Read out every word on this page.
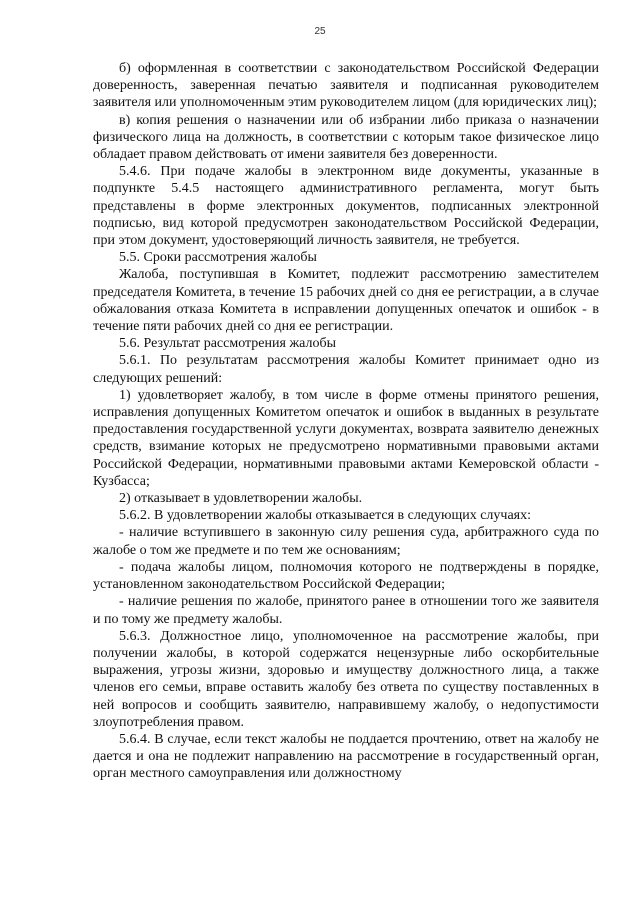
25

б) оформленная в соответствии с законодательством Российской Федерации доверенность, заверенная печатью заявителя и подписанная руководителем заявителя или уполномоченным этим руководителем лицом (для юридических лиц);

в) копия решения о назначении или об избрании либо приказа о назначении физического лица на должность, в соответствии с которым такое физическое лицо обладает правом действовать от имени заявителя без доверенности.

5.4.6. При подаче жалобы в электронном виде документы, указанные в подпункте 5.4.5 настоящего административного регламента, могут быть представлены в форме электронных документов, подписанных электронной подписью, вид которой предусмотрен законодательством Российской Федерации, при этом документ, удостоверяющий личность заявителя, не требуется.

5.5. Сроки рассмотрения жалобы

Жалоба, поступившая в Комитет, подлежит рассмотрению заместителем председателя Комитета, в течение 15 рабочих дней со дня ее регистрации, а в случае обжалования отказа Комитета в исправлении допущенных опечаток и ошибок - в течение пяти рабочих дней со дня ее регистрации.

5.6. Результат рассмотрения жалобы

5.6.1. По результатам рассмотрения жалобы Комитет принимает одно из следующих решений:

1) удовлетворяет жалобу, в том числе в форме отмены принятого решения, исправления допущенных Комитетом опечаток и ошибок в выданных в результате предоставления государственной услуги документах, возврата заявителю денежных средств, взимание которых не предусмотрено нормативными правовыми актами Российской Федерации, нормативными правовыми актами Кемеровской области - Кузбасса;

2) отказывает в удовлетворении жалобы.

5.6.2. В удовлетворении жалобы отказывается в следующих случаях:

- наличие вступившего в законную силу решения суда, арбитражного суда по жалобе о том же предмете и по тем же основаниям;

- подача жалобы лицом, полномочия которого не подтверждены в порядке, установленном законодательством Российской Федерации;

- наличие решения по жалобе, принятого ранее в отношении того же заявителя и по тому же предмету жалобы.

5.6.3. Должностное лицо, уполномоченное на рассмотрение жалобы, при получении жалобы, в которой содержатся нецензурные либо оскорбительные выражения, угрозы жизни, здоровью и имуществу должностного лица, а также членов его семьи, вправе оставить жалобу без ответа по существу поставленных в ней вопросов и сообщить заявителю, направившему жалобу, о недопустимости злоупотребления правом.

5.6.4. В случае, если текст жалобы не поддается прочтению, ответ на жалобу не дается и она не подлежит направлению на рассмотрение в государственный орган, орган местного самоуправления или должностному
